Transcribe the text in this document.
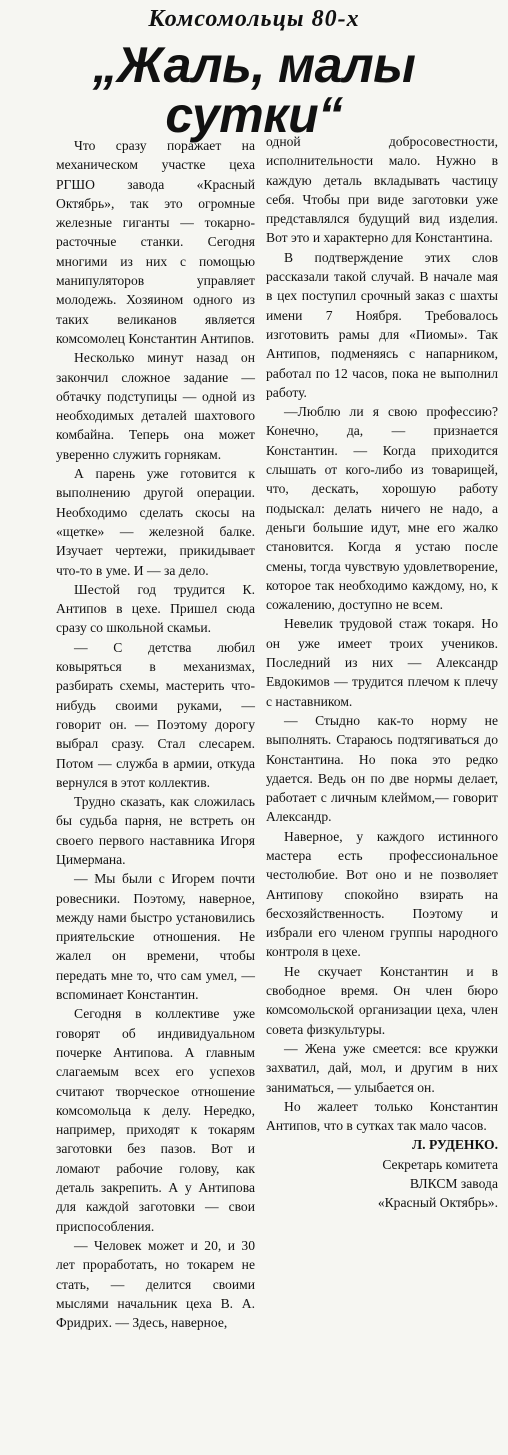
Комсомольцы 80-х
„Жаль, малы сутки“

Что сразу поражает на механическом участке цеха РГШО завода «Красный Октябрь», так это огромные железные гиганты — токарно-расточные станки. Сегодня многими из них с помощью манипуляторов управляет молодежь. Хозяином одного из таких великанов является комсомолец Константин Антипов.

Несколько минут назад он закончил сложное задание — обтачку подступицы — одной из необходимых деталей шахтового комбайна. Теперь она может уверенно служить горнякам.

А парень уже готовится к выполнению другой операции. Необходимо сделать скосы на «щетке» — железной балке. Изучает чертежи, прикидывает что-то в уме. И — за дело.

Шестой год трудится К. Антипов в цехе. Пришел сюда сразу со школьной скамьи.

— С детства любил ковыряться в механизмах, разбирать схемы, мастерить что-нибудь своими руками, — говорит он. — Поэтому дорогу выбрал сразу. Стал слесарем. Потом — служба в армии, откуда вернулся в этот коллектив.

Трудно сказать, как сложилась бы судьба парня, не встреть он своего первого наставника Игоря Цимермана.

— Мы были с Игорем почти ровесники. Поэтому, наверное, между нами быстро установились приятельские отношения. Не жалел он времени, чтобы передать мне то, что сам умел, — вспоминает Константин.

Сегодня в коллективе уже говорят об индивидуальном почерке Антипова. А главным слагаемым всех его успехов считают творческое отношение комсомольца к делу. Нередко, например, приходят к токарям заготовки без пазов. Вот и ломают рабочие голову, как деталь закрепить. А у Антипова для каждой заготовки — свои приспособления.

— Человек может и 20, и 30 лет проработать, но токарем не стать, — делится своими мыслями начальник цеха В. А. Фридрих. — Здесь, наверное,

одной добросовестности, исполнительности мало. Нужно в каждую деталь вкладывать частицу себя. Чтобы при виде заготовки уже представлялся будущий вид изделия. Вот это и характерно для Константина.

В подтверждение этих слов рассказали такой случай. В начале мая в цех поступил срочный заказ с шахты имени 7 Ноября. Требовалось изготовить рамы для «Пиомы». Так Антипов, подменяясь с напарником, работал по 12 часов, пока не выполнил работу.

—Люблю ли я свою профессию? Конечно, да, — признается Константин. — Когда приходится слышать от кого-либо из товарищей, что, дескать, хорошую работу подыскал: делать ничего не надо, а деньги большие идут, мне его жалко становится. Когда я устаю после смены, тогда чувствую удовлетворение, которое так необходимо каждому, но, к сожалению, доступно не всем.

Невелик трудовой стаж токаря. Но он уже имеет троих учеников. Последний из них — Александр Евдокимов — трудится плечом к плечу с наставником.

— Стыдно как-то норму не выполнять. Стараюсь подтягиваться до Константина. Но пока это редко удается. Ведь он по две нормы делает, работает с личным клеймом,— говорит Александр.

Наверное, у каждого истинного мастера есть профессиональное честолюбие. Вот оно и не позволяет Антипову спокойно взирать на бесхозяйственность. Поэтому и избрали его членом группы народного контроля в цехе.

Не скучает Константин и в свободное время. Он член бюро комсомольской организации цеха, член совета физкультуры.

— Жена уже смеется: все кружки захватил, дай, мол, и другим в них заниматься, — улыбается он.

Но жалеет только Константин Антипов, что в сутках так мало часов.

Л. РУДЕНКО.
Секретарь комитета
ВЛКСМ завода
«Красный Октябрь».
